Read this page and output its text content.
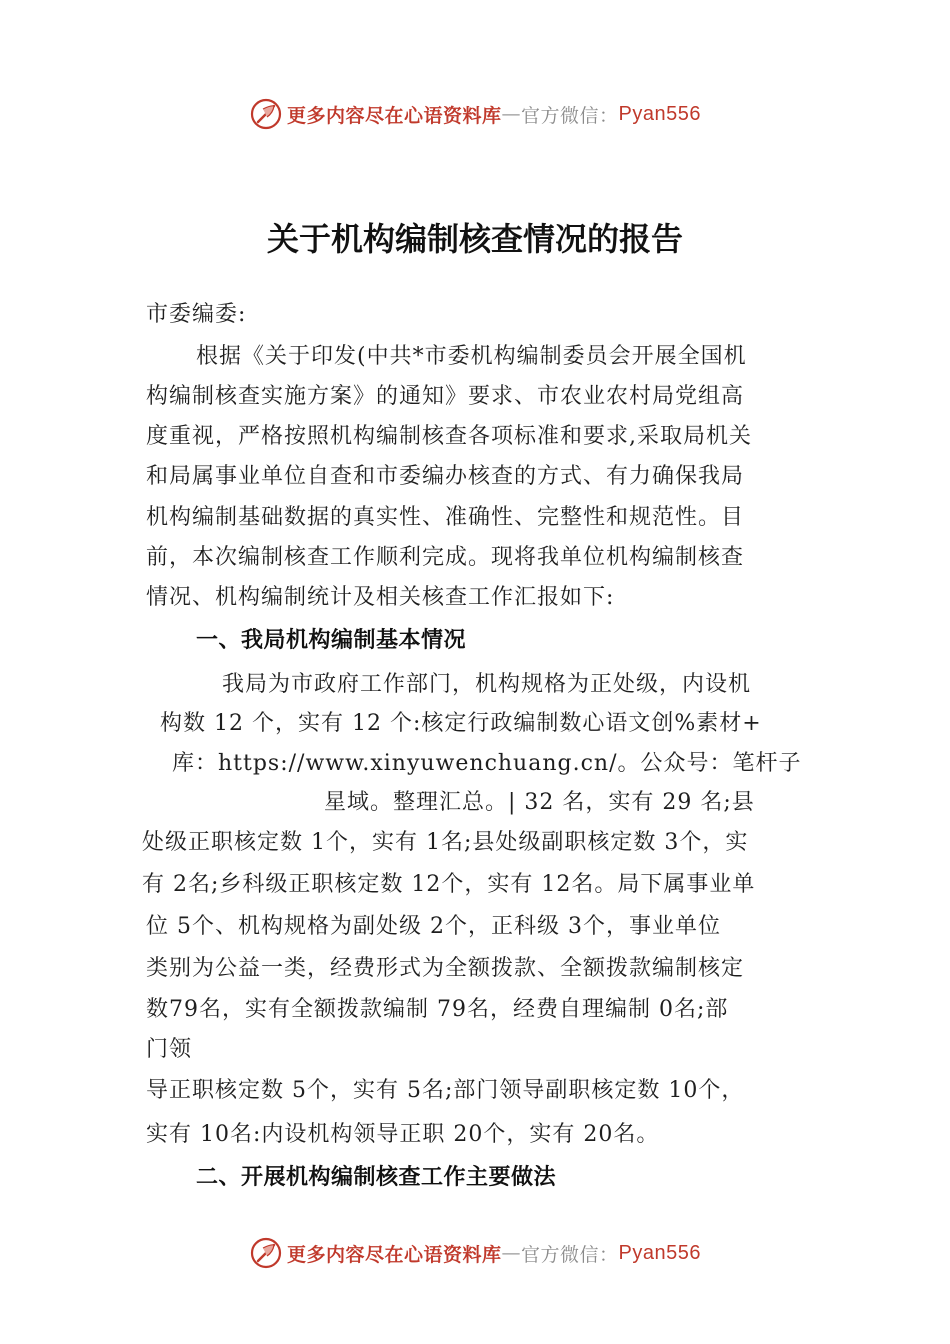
更多内容尽在心语资料库 — 官方微信： Pyan556
关于机构编制核查情况的报告
市委编委:
根据《关于印发(中共*市委机构编制委员会开展全国机
构编制核查实施方案》的通知》要求、市农业农村局党组高
度重视，严格按照机构编制核查各项标准和要求,采取局机关
和局属事业单位自查和市委编办核查的方式、有力确保我局
机构编制基础数据的真实性、准确性、完整性和规范性。目
前，本次编制核查工作顺利完成。现将我单位机构编制核查
情况、机构编制统计及相关核查工作汇报如下:
一、我局机构编制基本情况
我局为市政府工作部门，机构规格为正处级，内设机
构数 12 个，实有 12 个:核定行政编制数心语文创%素材+
库：https://www.xinyuwenchuang.cn/。公众号：笔杆子
星域。整理汇总。| 32 名，实有 29 名;县
处级正职核定数 1个，实有 1名;县处级副职核定数 3个，实
有 2名;乡科级正职核定数 12个，实有 12名。局下属事业单
位 5个、机构规格为副处级 2个，正科级 3个，事业单位
类别为公益一类，经费形式为全额拨款、全额拨款编制核定
数79名，实有全额拨款编制 79名，经费自理编制 0名;部
门领
导正职核定数 5个，实有 5名;部门领导副职核定数 10个，
实有 10名:内设机构领导正职 20个，实有 20名。
二、开展机构编制核查工作主要做法
更多内容尽在心语资料库 — 官方微信： Pyan556
